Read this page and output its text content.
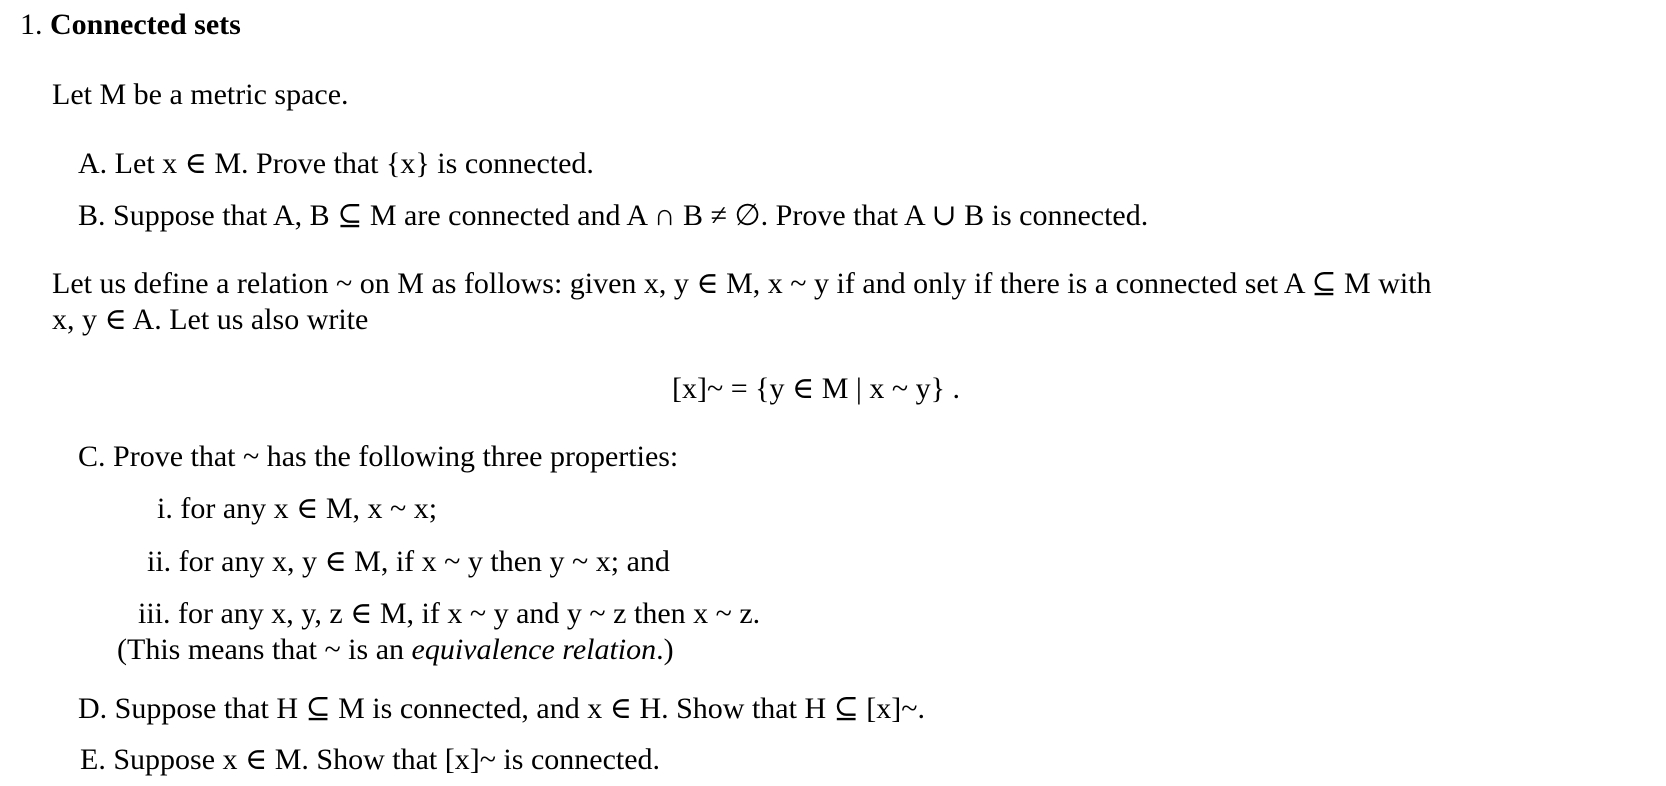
1. Connected sets
Let M be a metric space.
A. Let x ∈ M. Prove that {x} is connected.
B. Suppose that A, B ⊆ M are connected and A ∩ B ≠ ∅. Prove that A ∪ B is connected.
Let us define a relation ~ on M as follows: given x, y ∈ M, x ~ y if and only if there is a connected set A ⊆ M with
x, y ∈ A. Let us also write
[x]~ = {y ∈ M | x ~ y} .
C. Prove that ~ has the following three properties:
i. for any x ∈ M, x ~ x;
ii. for any x, y ∈ M, if x ~ y then y ~ x; and
iii. for any x, y, z ∈ M, if x ~ y and y ~ z then x ~ z.
(This means that ~ is an equivalence relation.)
D. Suppose that H ⊆ M is connected, and x ∈ H. Show that H ⊆ [x]~.
E. Suppose x ∈ M. Show that [x]~ is connected.
